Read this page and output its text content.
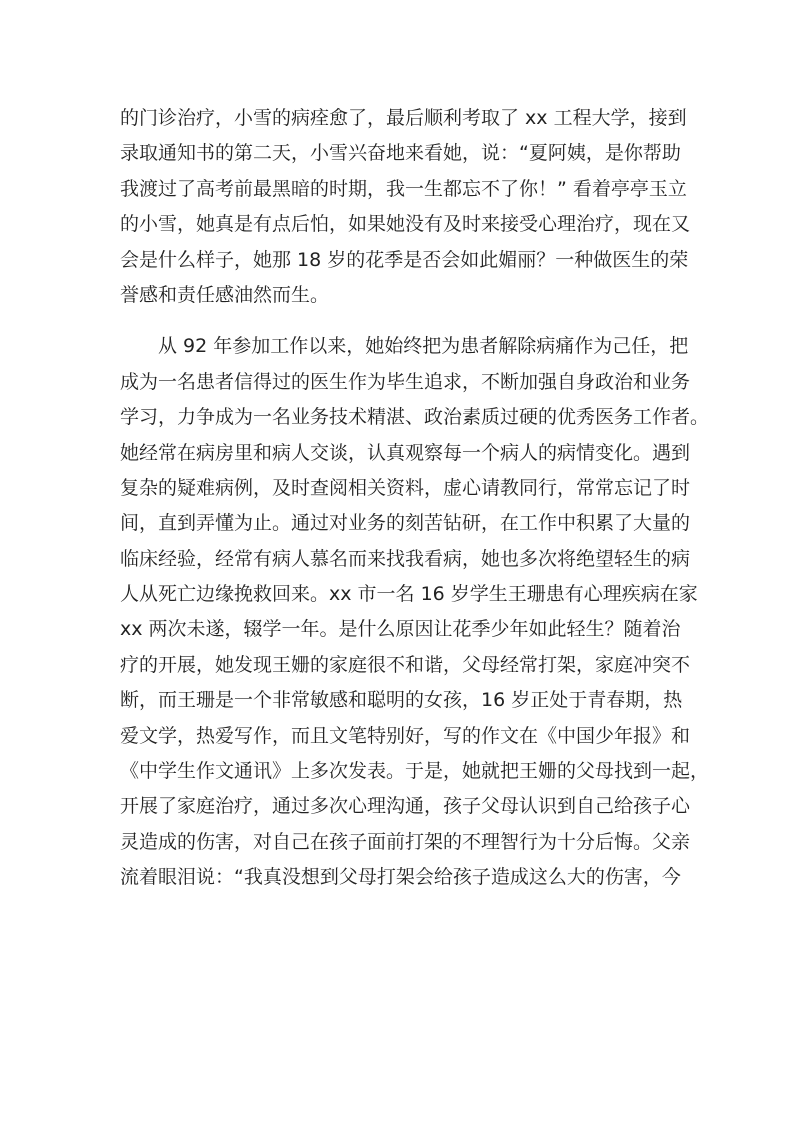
的门诊治疗，小雪的病痊愈了，最后顺利考取了 xx 工程大学，接到
录取通知书的第二天，小雪兴奋地来看她，说：“夏阿姨，是你帮助
我渡过了高考前最黑暗的时期，我一生都忘不了你！” 看着亭亭玉立
的小雪，她真是有点后怕，如果她没有及时来接受心理治疗，现在又
会是什么样子，她那 18 岁的花季是否会如此媚丽？一种做医生的荣
誉感和责任感油然而生。
从 92 年参加工作以来，她始终把为患者解除病痛作为己任，把
成为一名患者信得过的医生作为毕生追求，不断加强自身政治和业务
学习，力争成为一名业务技术精湛、政治素质过硬的优秀医务工作者。
她经常在病房里和病人交谈，认真观察每一个病人的病情变化。遇到
复杂的疑难病例，及时查阅相关资料，虚心请教同行，常常忘记了时
间，直到弄懂为止。通过对业务的刻苦钻研，在工作中积累了大量的
临床经验，经常有病人慕名而来找我看病，她也多次将绝望轻生的病
人从死亡边缘挽救回来。xx 市一名 16 岁学生王珊患有心理疾病在家
xx 两次未遂，辍学一年。是什么原因让花季少年如此轻生？随着治
疗的开展，她发现王姗的家庭很不和谐，父母经常打架，家庭冲突不
断，而王珊是一个非常敏感和聪明的女孩，16 岁正处于青春期，热
爱文学，热爱写作，而且文笔特别好，写的作文在《中国少年报》和
《中学生作文通讯》上多次发表。于是，她就把王姗的父母找到一起，
开展了家庭治疗，通过多次心理沟通，孩子父母认识到自己给孩子心
灵造成的伤害，对自己在孩子面前打架的不理智行为十分后悔。父亲
流着眼泪说：“我真没想到父母打架会给孩子造成这么大的伤害，今
